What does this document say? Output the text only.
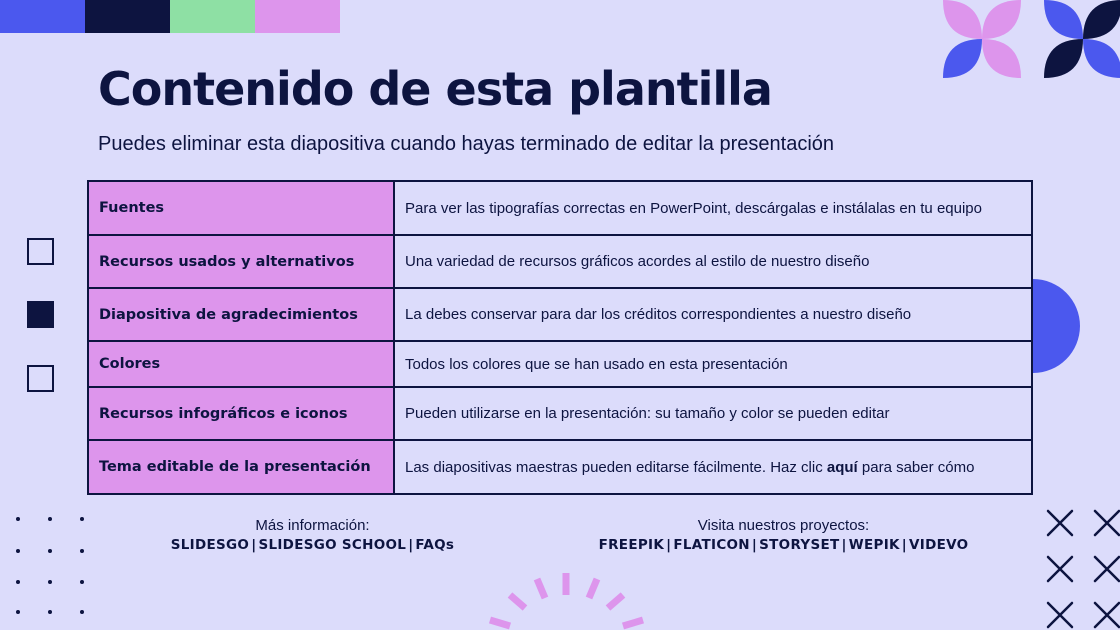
Contenido de esta plantilla

Puedes eliminar esta diapositiva cuando hayas terminado de editar la presentación

Fuentes	Para ver las tipografías correctas en PowerPoint, descárgalas e instálalas en tu equipo
Recursos usados y alternativos	Una variedad de recursos gráficos acordes al estilo de nuestro diseño
Diapositiva de agradecimientos	La debes conservar para dar los créditos correspondientes a nuestro diseño
Colores	Todos los colores que se han usado en esta presentación
Recursos infográficos e iconos	Pueden utilizarse en la presentación: su tamaño y color se pueden editar
Tema editable de la presentación	Las diapositivas maestras pueden editarse fácilmente. Haz clic aquí para saber cómo
Más información:
SLIDESGO | SLIDESGO SCHOOL | FAQs
Visita nuestros proyectos:
FREEPIK | FLATICON | STORYSET | WEPIK | VIDEVO
